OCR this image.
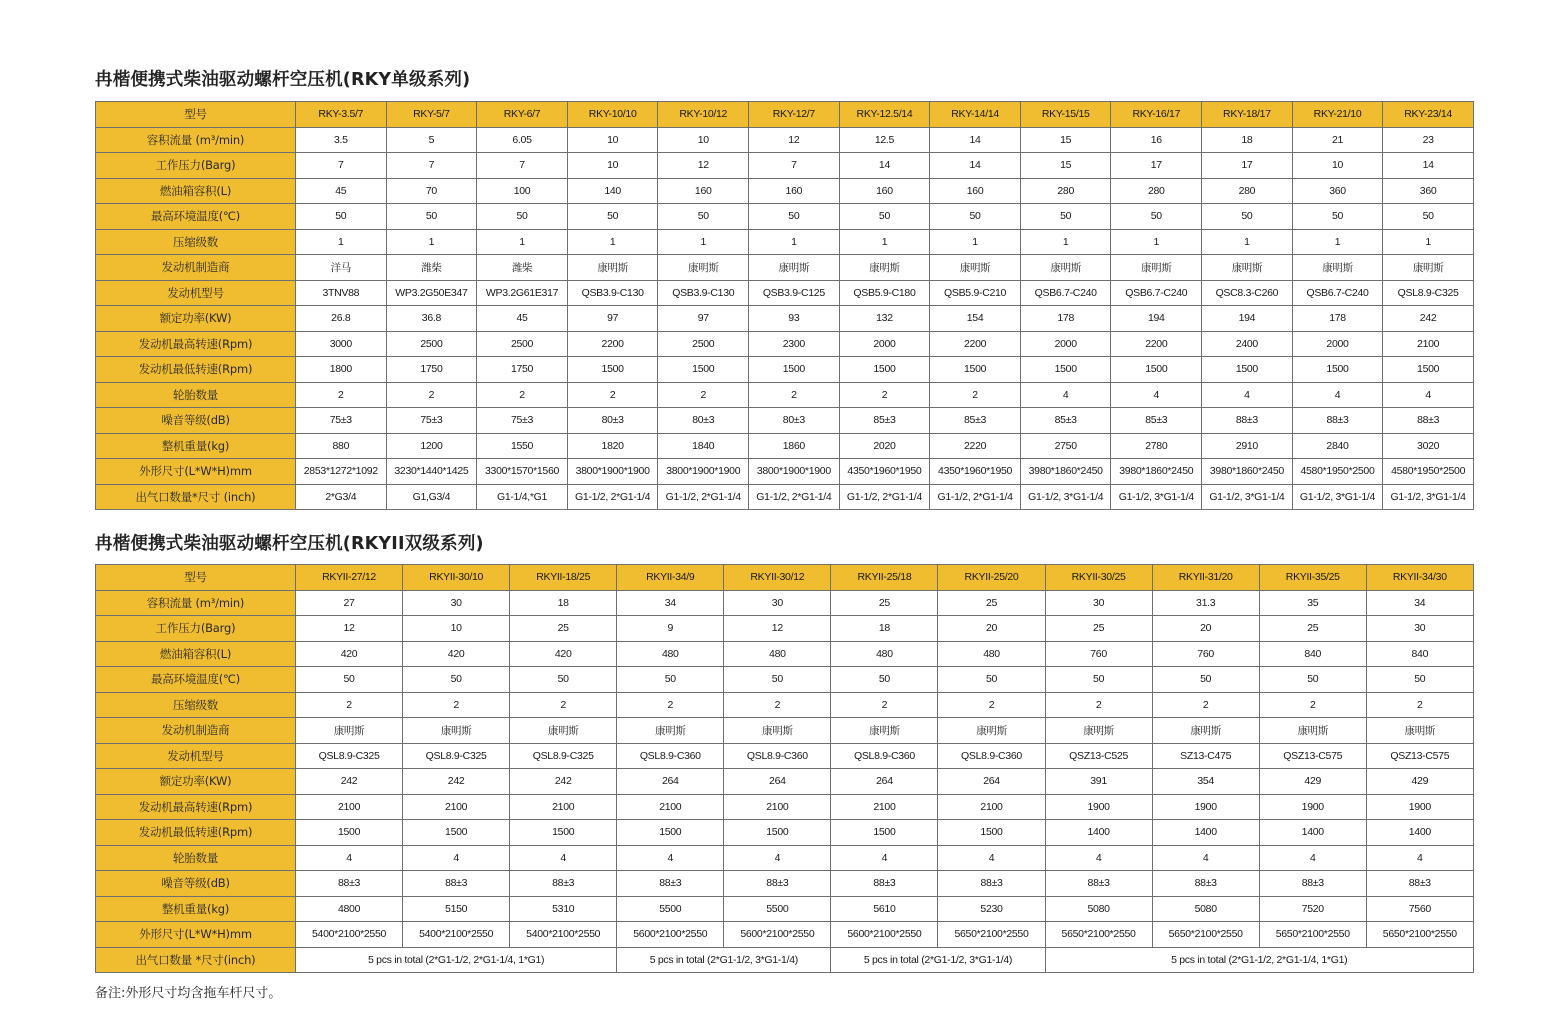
冉楷便携式柴油驱动螺杆空压机(RKY单级系列)
型号	RKY-3.5/7	RKY-5/7	RKY-6/7	RKY-10/10	RKY-10/12	RKY-12/7	RKY-12.5/14	RKY-14/14	RKY-15/15	RKY-16/17	RKY-18/17	RKY-21/10	RKY-23/14
容积流量 (m³/min)	3.5	5	6.05	10	10	12	12.5	14	15	16	18	21	23
工作压力(Barg)	7	7	7	10	12	7	14	14	15	17	17	10	14
燃油箱容积(L)	45	70	100	140	160	160	160	160	280	280	280	360	360
最高环境温度(℃)	50	50	50	50	50	50	50	50	50	50	50	50	50
压缩级数	1	1	1	1	1	1	1	1	1	1	1	1	1
发动机制造商	洋马	潍柴	潍柴	康明斯	康明斯	康明斯	康明斯	康明斯	康明斯	康明斯	康明斯	康明斯	康明斯
发动机型号	3TNV88	WP3.2G50E347	WP3.2G61E317	QSB3.9-C130	QSB3.9-C130	QSB3.9-C125	QSB5.9-C180	QSB5.9-C210	QSB6.7-C240	QSB6.7-C240	QSC8.3-C260	QSB6.7-C240	QSL8.9-C325
额定功率(KW)	26.8	36.8	45	97	97	93	132	154	178	194	194	178	242
发动机最高转速(Rpm)	3000	2500	2500	2200	2500	2300	2000	2200	2000	2200	2400	2000	2100
发动机最低转速(Rpm)	1800	1750	1750	1500	1500	1500	1500	1500	1500	1500	1500	1500	1500
轮胎数量	2	2	2	2	2	2	2	2	4	4	4	4	4
噪音等级(dB)	75±3	75±3	75±3	80±3	80±3	80±3	85±3	85±3	85±3	85±3	88±3	88±3	88±3
整机重量(kg)	880	1200	1550	1820	1840	1860	2020	2220	2750	2780	2910	2840	3020
外形尺寸(L*W*H)mm	2853*1272*1092	3230*1440*1425	3300*1570*1560	3800*1900*1900	3800*1900*1900	3800*1900*1900	4350*1960*1950	4350*1960*1950	3980*1860*2450	3980*1860*2450	3980*1860*2450	4580*1950*2500	4580*1950*2500
出气口数量*尺寸 (inch)	2*G3/4	G1,G3/4	G1-1/4,*G1	G1-1/2, 2*G1-1/4	G1-1/2, 2*G1-1/4	G1-1/2, 2*G1-1/4	G1-1/2, 2*G1-1/4	G1-1/2, 2*G1-1/4	G1-1/2, 3*G1-1/4	G1-1/2, 3*G1-1/4	G1-1/2, 3*G1-1/4	G1-1/2, 3*G1-1/4	G1-1/2, 3*G1-1/4
冉楷便携式柴油驱动螺杆空压机(RKYII双级系列)
型号	RKYII-27/12	RKYII-30/10	RKYII-18/25	RKYII-34/9	RKYII-30/12	RKYII-25/18	RKYII-25/20	RKYII-30/25	RKYII-31/20	RKYII-35/25	RKYII-34/30
容积流量 (m³/min)	27	30	18	34	30	25	25	30	31.3	35	34
工作压力(Barg)	12	10	25	9	12	18	20	25	20	25	30
燃油箱容积(L)	420	420	420	480	480	480	480	760	760	840	840
最高环境温度(℃)	50	50	50	50	50	50	50	50	50	50	50
压缩级数	2	2	2	2	2	2	2	2	2	2	2
发动机制造商	康明斯	康明斯	康明斯	康明斯	康明斯	康明斯	康明斯	康明斯	康明斯	康明斯	康明斯
发动机型号	QSL8.9-C325	QSL8.9-C325	QSL8.9-C325	QSL8.9-C360	QSL8.9-C360	QSL8.9-C360	QSL8.9-C360	QSZ13-C525	SZ13-C475	QSZ13-C575	QSZ13-C575
额定功率(KW)	242	242	242	264	264	264	264	391	354	429	429
发动机最高转速(Rpm)	2100	2100	2100	2100	2100	2100	2100	1900	1900	1900	1900
发动机最低转速(Rpm)	1500	1500	1500	1500	1500	1500	1500	1400	1400	1400	1400
轮胎数量	4	4	4	4	4	4	4	4	4	4	4
噪音等级(dB)	88±3	88±3	88±3	88±3	88±3	88±3	88±3	88±3	88±3	88±3	88±3
整机重量(kg)	4800	5150	5310	5500	5500	5610	5230	5080	5080	7520	7560
外形尺寸(L*W*H)mm	5400*2100*2550	5400*2100*2550	5400*2100*2550	5600*2100*2550	5600*2100*2550	5600*2100*2550	5650*2100*2550	5650*2100*2550	5650*2100*2550	5650*2100*2550	5650*2100*2550
出气口数量 *尺寸(inch)	5 pcs in total (2*G1-1/2, 2*G1-1/4, 1*G1)			5 pcs in total (2*G1-1/2, 3*G1-1/4)		5 pcs in total (2*G1-1/2, 3*G1-1/4)		5 pcs in total (2*G1-1/2, 2*G1-1/4, 1*G1)			

备注:外形尺寸均含拖车杆尺寸。
